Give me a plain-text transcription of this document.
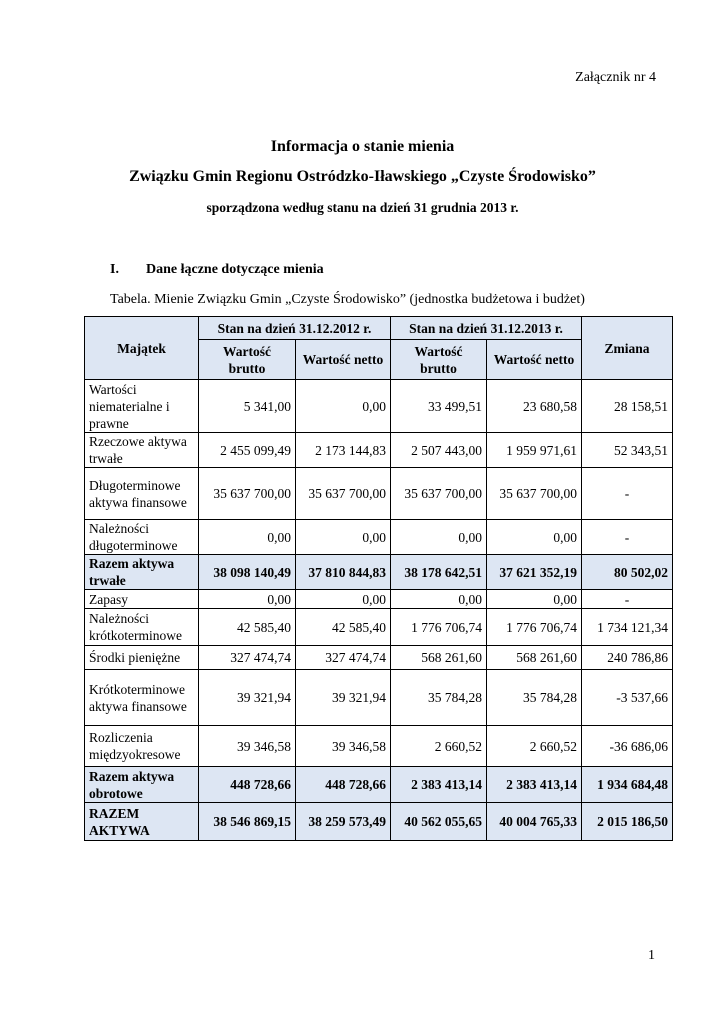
Załącznik nr 4
Informacja o stanie mienia
Związku Gmin Regionu Ostródzko-Iławskiego „Czyste Środowisko”
sporządzona według stanu na dzień 31 grudnia 2013 r.
I. Dane łączne dotyczące mienia
Tabela. Mienie Związku Gmin „Czyste Środowisko” (jednostka budżetowa i budżet)
Majątek	Stan na dzień 31.12.2012 r.		Stan na dzień 31.12.2013 r.		Zmiana
	Wartość brutto	Wartość netto	Wartość brutto	Wartość netto	
Wartości niematerialne i prawne	5 341,00	0,00	33 499,51	23 680,58	28 158,51
Rzeczowe aktywa trwałe	2 455 099,49	2 173 144,83	2 507 443,00	1 959 971,61	52 343,51
Długoterminowe aktywa finansowe	35 637 700,00	35 637 700,00	35 637 700,00	35 637 700,00	-
Należności długoterminowe	0,00	0,00	0,00	0,00	-
Razem aktywa trwałe	38 098 140,49	37 810 844,83	38 178 642,51	37 621 352,19	80 502,02
Zapasy	0,00	0,00	0,00	0,00	-
Należności krótkoterminowe	42 585,40	42 585,40	1 776 706,74	1 776 706,74	1 734 121,34
Środki pieniężne	327 474,74	327 474,74	568 261,60	568 261,60	240 786,86
Krótkoterminowe aktywa finansowe	39 321,94	39 321,94	35 784,28	35 784,28	-3 537,66
Rozliczenia międzyokresowe	39 346,58	39 346,58	2 660,52	2 660,52	-36 686,06
Razem aktywa obrotowe	448 728,66	448 728,66	2 383 413,14	2 383 413,14	1 934 684,48
RAZEM AKTYWA	38 546 869,15	38 259 573,49	40 562 055,65	40 004 765,33	2 015 186,50
1
